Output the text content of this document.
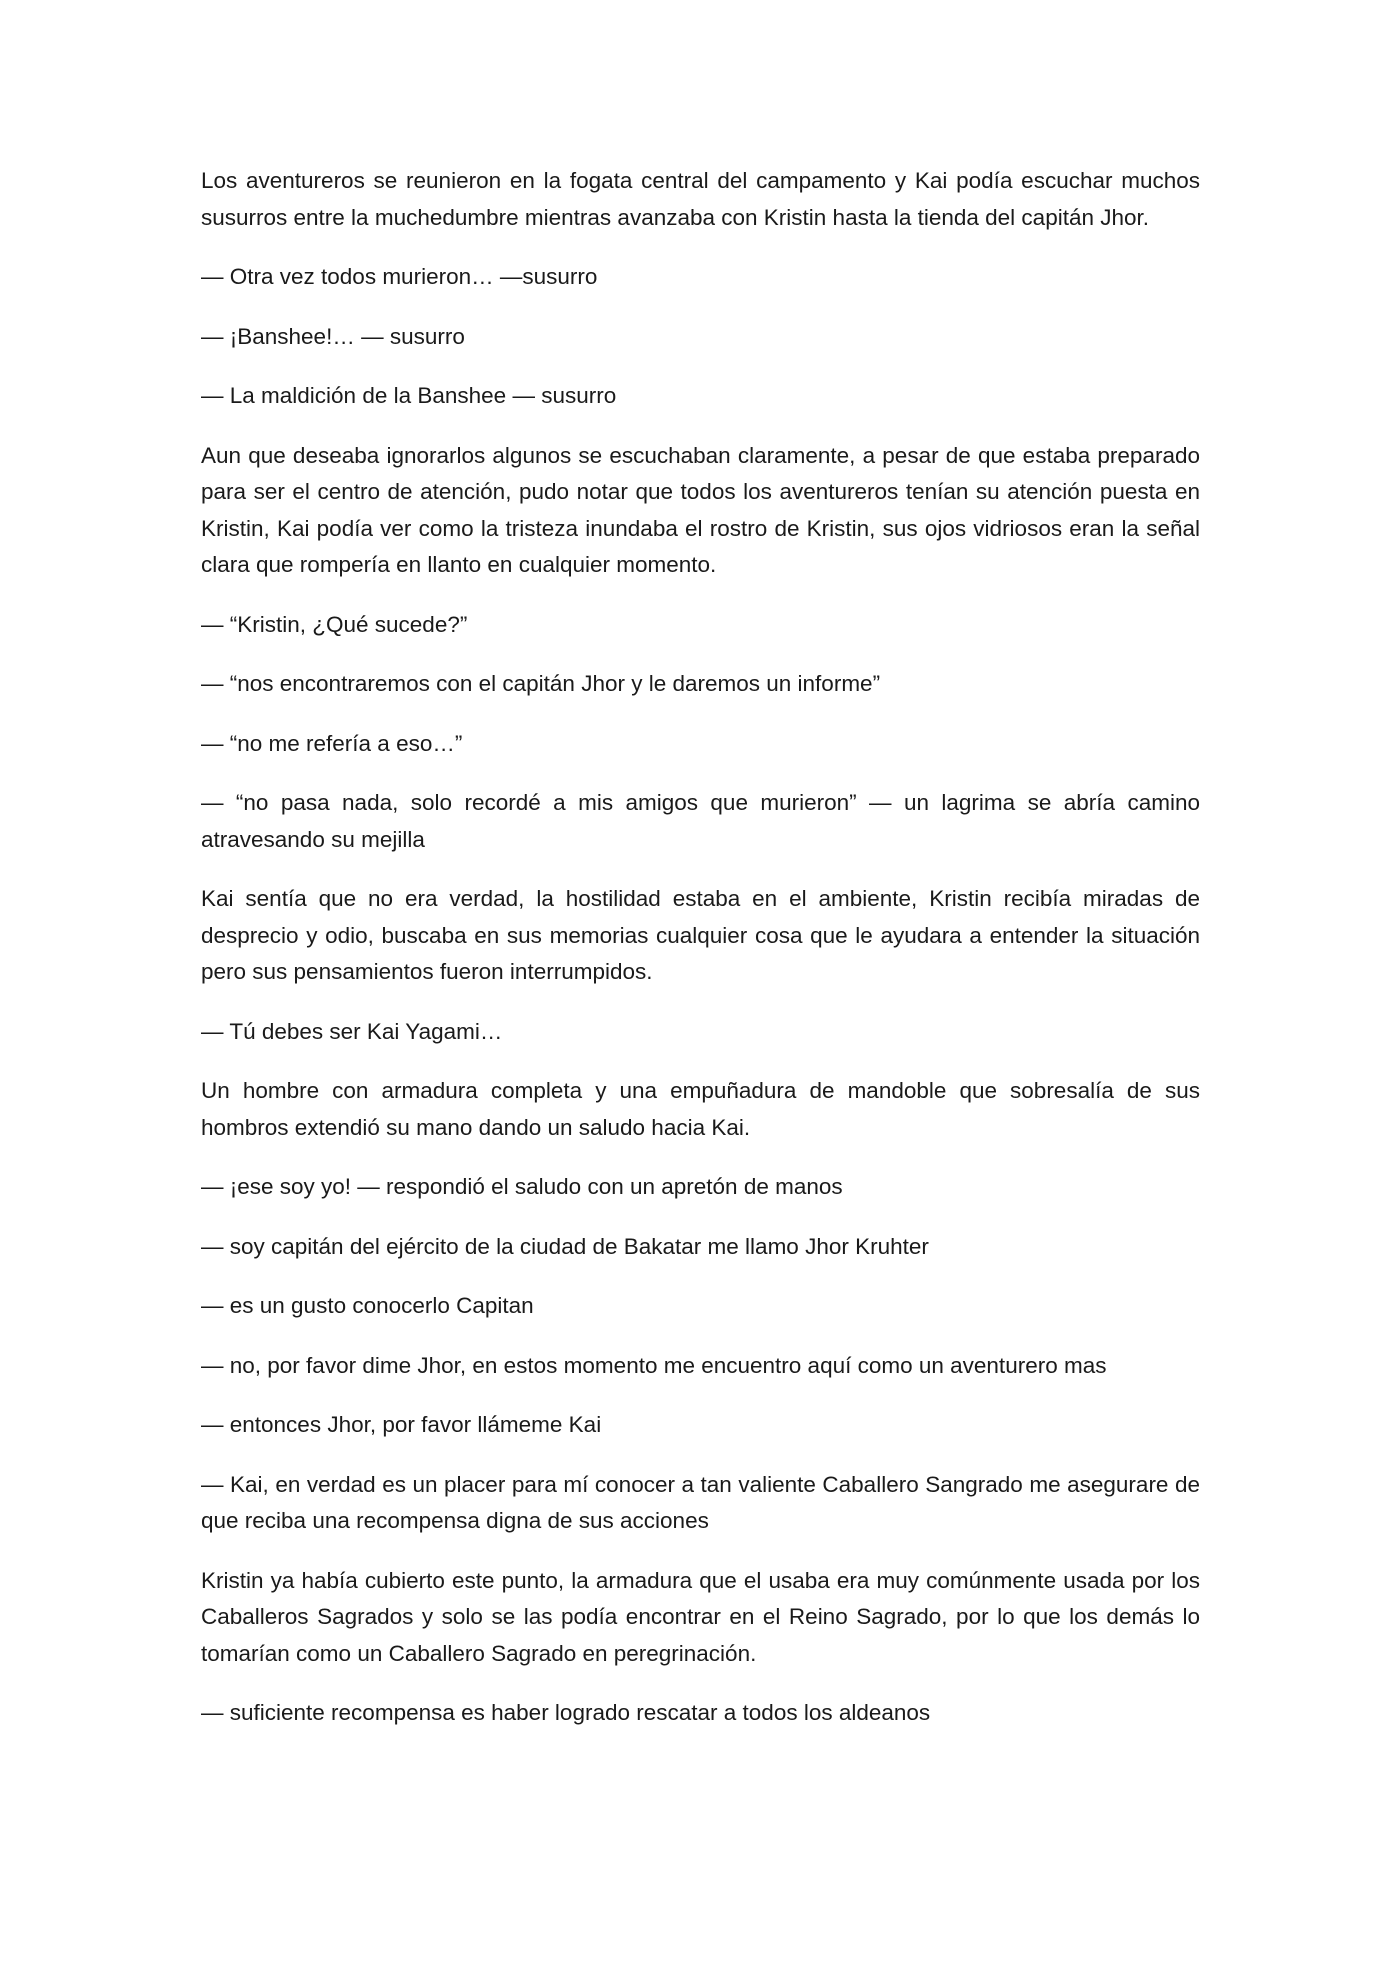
Los aventureros se reunieron en la fogata central del campamento y Kai podía escuchar muchos susurros entre la muchedumbre mientras avanzaba con Kristin hasta la tienda del capitán Jhor.

— Otra vez todos murieron… —susurro

— ¡Banshee!… — susurro

— La maldición de la Banshee — susurro

Aun que deseaba ignorarlos algunos se escuchaban claramente, a pesar de que estaba preparado para ser el centro de atención, pudo notar que todos los aventureros tenían su atención puesta en Kristin, Kai podía ver como la tristeza inundaba el rostro de Kristin, sus ojos vidriosos eran la señal clara que rompería en llanto en cualquier momento.

— “Kristin, ¿Qué sucede?”

— “nos encontraremos con el capitán Jhor y le daremos un informe”

— “no me refería a eso…”

— “no pasa nada, solo recordé a mis amigos que murieron” — un lagrima se abría camino atravesando su mejilla

Kai sentía que no era verdad, la hostilidad estaba en el ambiente, Kristin recibía miradas de desprecio y odio, buscaba en sus memorias cualquier cosa que le ayudara a entender la situación pero sus pensamientos fueron interrumpidos.

— Tú debes ser Kai Yagami…

Un hombre con armadura completa y una empuñadura de mandoble que sobresalía de sus hombros extendió su mano dando un saludo hacia Kai.

— ¡ese soy yo! — respondió el saludo con un apretón de manos

— soy capitán del ejército de la ciudad de Bakatar me llamo Jhor Kruhter

— es un gusto conocerlo Capitan

— no, por favor dime Jhor, en estos momento me encuentro aquí como un aventurero mas

— entonces Jhor, por favor llámeme Kai

— Kai, en verdad es un placer para mí conocer a tan valiente Caballero Sangrado me asegurare de que reciba una recompensa digna de sus acciones

Kristin ya había cubierto este punto, la armadura que el usaba era muy comúnmente usada por los Caballeros Sagrados y solo se las podía encontrar en el Reino Sagrado, por lo que los demás lo tomarían como un Caballero Sagrado en peregrinación.

— suficiente recompensa es haber logrado rescatar a todos los aldeanos
